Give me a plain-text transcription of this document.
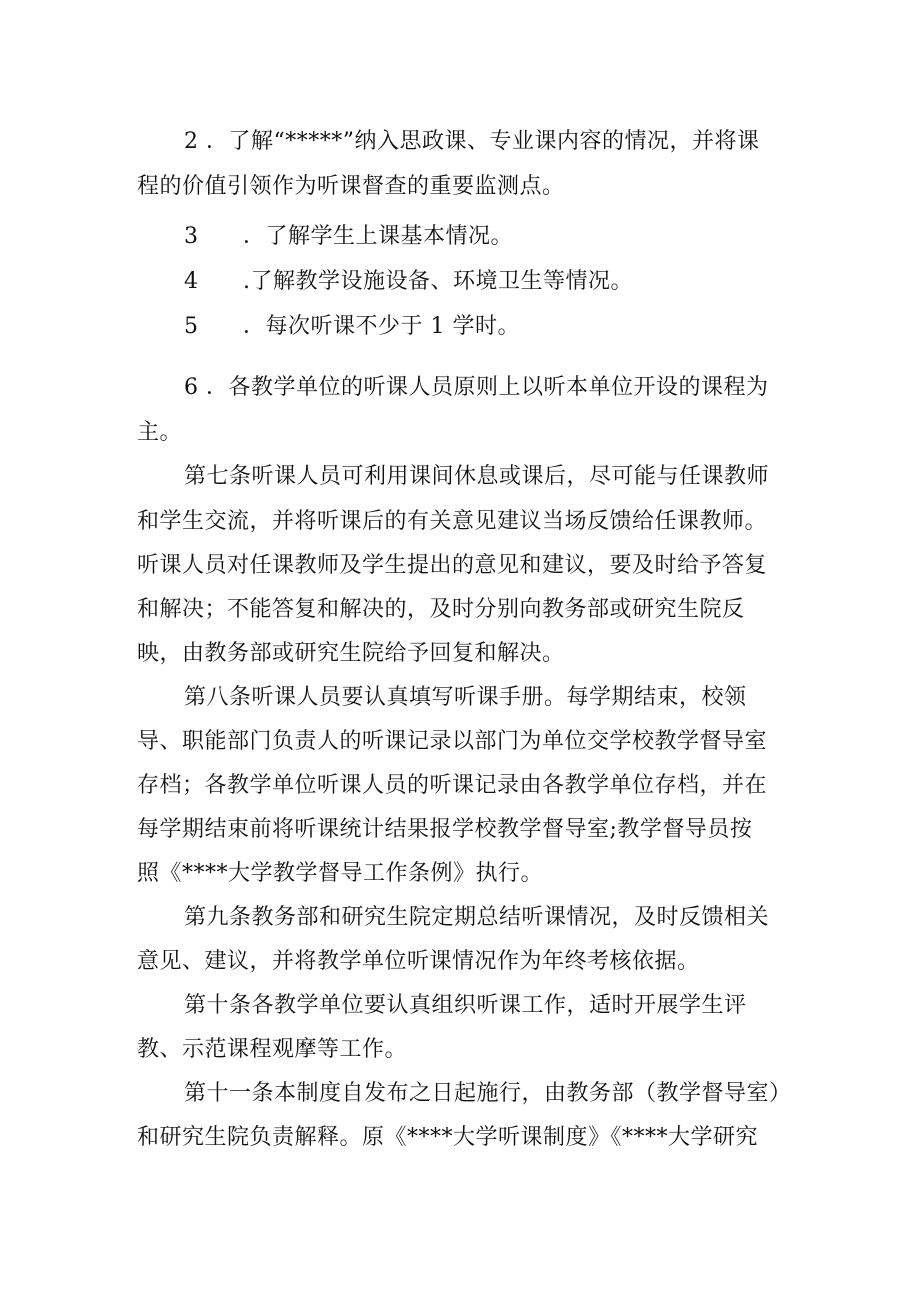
2 ．了解“*****”纳入思政课、专业课内容的情况，并将课
程的价值引领作为听课督查的重要监测点。
3 ．了解学生上课基本情况。
4 .了解教学设施设备、环境卫生等情况。
5 ．每次听课不少于 1 学时。
6 ．各教学单位的听课人员原则上以听本单位开设的课程为
主。
第七条听课人员可利用课间休息或课后，尽可能与任课教师
和学生交流，并将听课后的有关意见建议当场反馈给任课教师。
听课人员对任课教师及学生提出的意见和建议，要及时给予答复
和解决；不能答复和解决的，及时分别向教务部或研究生院反
映，由教务部或研究生院给予回复和解决。
第八条听课人员要认真填写听课手册。每学期结束，校领
导、职能部门负责人的听课记录以部门为单位交学校教学督导室
存档；各教学单位听课人员的听课记录由各教学单位存档，并在
每学期结束前将听课统计结果报学校教学督导室;教学督导员按
照《****大学教学督导工作条例》执行。
第九条教务部和研究生院定期总结听课情况，及时反馈相关
意见、建议，并将教学单位听课情况作为年终考核依据。
第十条各教学单位要认真组织听课工作，适时开展学生评
教、示范课程观摩等工作。
第十一条本制度自发布之日起施行，由教务部（教学督导室）
和研究生院负责解释。原《****大学听课制度》《****大学研究
